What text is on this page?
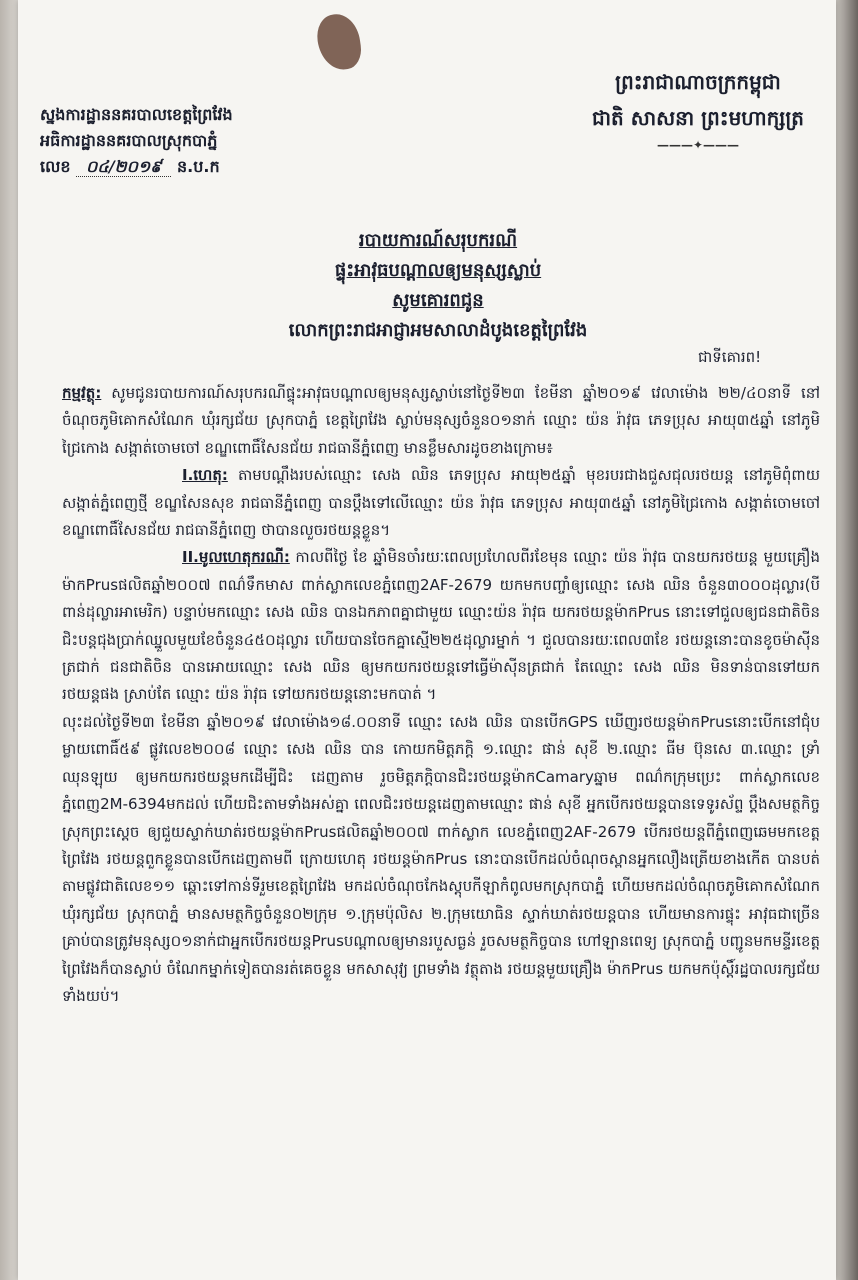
ស្នងការដ្ឋាននគរបាលខេត្តព្រៃវែង
អធិការដ្ឋាននគរបាលស្រុកបាភ្នំ
លេខ ០៤/២០១៩ ន.ប.ក
ព្រះរាជាណាចក្រកម្ពុជា
ជាតិ សាសនា ព្រះមហាក្សត្រ
———✦———
របាយការណ៍សរុបករណី
ផ្ទុះអាវុធបណ្តាលឲ្យមនុស្សស្លាប់
សូមគោរពជូន
លោកព្រះរាជអាជ្ញាអមសាលាដំបូងខេត្តព្រៃវែង
ជាទីគោរព!

កម្មវត្ថុ: សូមជូនរបាយការណ៍សរុបករណីផ្ទុះអាវុធបណ្តាលឲ្យមនុស្សស្លាប់នៅថ្ងៃទី២៣ ខែមីនា ឆ្នាំ២០១៩ វេលាម៉ោង ២២/៤០នាទី នៅចំណុចភូមិគោកសំណែក ឃុំរក្សជ័យ ស្រុកបាភ្នំ ខេត្តព្រៃវែង ស្លាប់មនុស្សចំនួន០១នាក់ ឈ្មោះ យ៉ន រ៉ាវុធ ភេទប្រុស អាយុ៣៥ឆ្នាំ នៅភូមិជ្រៃកោង សង្កាត់ចោមចៅ ខណ្ឌពោធិ៍សែនជ័យ រាជធានីភ្នំពេញ មានខ្លឹមសារដូចខាងក្រោម៖

I.ហេតុ: តាមបណ្តឹងរបស់ឈ្មោះ សេង ឈិន ភេទប្រុស អាយុ២៥ឆ្នាំ មុខរបរជាងជួសជុលរថយន្ត នៅភូមិពុំពាយ សង្កាត់ភ្នំពេញថ្មី ខណ្ឌសែនសុខ រាជធានីភ្នំពេញ បានប្តឹងទៅលើឈ្មោះ យ៉ន រ៉ាវុធ ភេទប្រុស អាយុ៣៥ឆ្នាំ នៅភូមិជ្រៃកោង សង្កាត់ចោមចៅ ខណ្ឌពោធិ៍សែនជ័យ រាជធានីភ្នំពេញ ថាបានលួចរថយន្តខ្លួន។

II.មូលហេតុករណី: កាលពីថ្ងៃ ខែ ឆ្នាំមិនចាំរយៈពេលប្រហែលពីរខែមុន ឈ្មោះ យ៉ន រ៉ាវុធ បានយករថយន្ត មួយគ្រឿងម៉ាកPrusផលិតឆ្នាំ២០០៧ ពណ៌ទឹកមាស ពាក់ស្លាកលេខភ្នំពេញ2AF-2679 យកមកបញ្ចាំឲ្យឈ្មោះ សេង ឈិន ចំនួន៣០០០ដុល្លារ(បីពាន់ដុល្លារអាមេរិក) បន្ទាប់មកឈ្មោះ សេង ឈិន បានឯកភាពគ្នាជាមួយ ឈ្មោះយ៉ន រ៉ាវុធ យករថយន្តម៉ាកPrus នោះទៅជួលឲ្យជនជាតិចិន ជិះបន្តជុងប្រាក់ឈ្នួលមួយខែចំនួន៤៥០ដុល្លារ ហើយបានចែកគ្នាស្មើ២២៥ដុល្លារម្នាក់ ។ ជួលបានរយៈពេល៣ខែ រថយន្តនោះបានខូចម៉ាស៊ីនត្រជាក់ ជនជាតិចិន បានអោយឈ្មោះ សេង ឈិន ឲ្យមកយករថយន្តទៅធ្វើម៉ាស៊ីនត្រជាក់ តែឈ្មោះ សេង ឈិន មិនទាន់បានទៅយក រថយន្តផង ស្រាប់តែ ឈ្មោះ យ៉ន រ៉ាវុធ ទៅយករថយន្តនោះមកបាត់ ។

លុះដល់ថ្ងៃទី២៣ ខែមីនា ឆ្នាំ២០១៩ វេលាម៉ោង១៨.០០នាទី ឈ្មោះ សេង ឈិន បានបើកGPS ឃើញរថយន្តម៉ាកPrusនោះបើកនៅជុំបម្លាយពោធិ៍៥៩ ផ្លូវលេខ២០០៨ ឈ្មោះ សេង ឈិន បាន កោយកមិត្តភក្តិ ១.ឈ្មោះ ផាន់ សុខី ២.ឈ្មោះ ធីម ប៊ុនសេ ៣.ឈ្មោះ ទ្រាំ ឈុនឡុយ ឲ្យមកយករថយន្តមកដើម្បីជិះ ដេញតាម រួចមិត្តភក្តិបានជិះរថយន្តម៉ាកCamaryឆ្នាម ពណ៌កក្រុមប្រេះ ពាក់ស្លាកលេខភ្នំពេញ2M-6394មកដល់ ហើយជិះតាមទាំងអស់គ្នា ពេលជិះរថយន្តដេញតាមឈ្មោះ ផាន់ សុខី អ្នកបើករថយន្តបានទេទូរស័ព្ទ ប្តឹងសមត្ថកិច្ច ស្រុកព្រះស្តេច ឲ្យជួយស្ទាក់ឃាត់រថយន្តម៉ាកPrusផលិតឆ្នាំ២០០៧ ពាក់ស្លាក លេខភ្នំពេញ2AF-2679 បើករថយន្តពីភ្នំពេញឆេមមកខេត្តព្រៃវែង រថយន្តពួកខ្លួនបានបើកដេញតាមពី ក្រោយហេតុ រថយន្តម៉ាកPrus នោះបានបើកដល់ចំណុចស្ពានអ្នកលឿងត្រើយខាងកើត បានបត់តាមផ្លូវជាតិលេខ១១ ឆ្ពោះទៅកាន់ទីរួមខេត្តព្រៃវែង មកដល់ចំណុចកែងស្តុបកីឡាកំពូលមកស្រុកបាភ្នំ ហើយមកដល់ចំណុចភូមិគោកសំណែក ឃុំរក្សជ័យ ស្រុកបាភ្នំ មានសមត្ថកិច្ចចំនួន០២ក្រុម ១.ក្រុមប៉ុលិស ២.ក្រុមយោធិន ស្ទាក់ឃាត់រថយន្តបាន ហើយមានការផ្ទុះ អាវុធជាច្រើន គ្រាប់បានត្រូវមនុស្ស០១នាក់ជាអ្នកបើករថយន្តPrusបណ្តាលឲ្យមានរបួសធ្ងន់ រួចសមត្ថកិច្ចបាន ហៅឡានពេទ្យ ស្រុកបាភ្នំ បញ្ជូនមកមន្ទីរខេត្តព្រៃវែងក៏បានស្លាប់ ចំណែកម្នាក់ទៀតបានរត់គេចខ្លួន មកសាសុវ្យ ព្រមទាំង វត្ថុតាង រថយន្តមួយគ្រឿង ម៉ាកPrus យកមកប៉ុស្តិ៍រដ្ឋបាលរក្សជ័យទាំងយប់។
